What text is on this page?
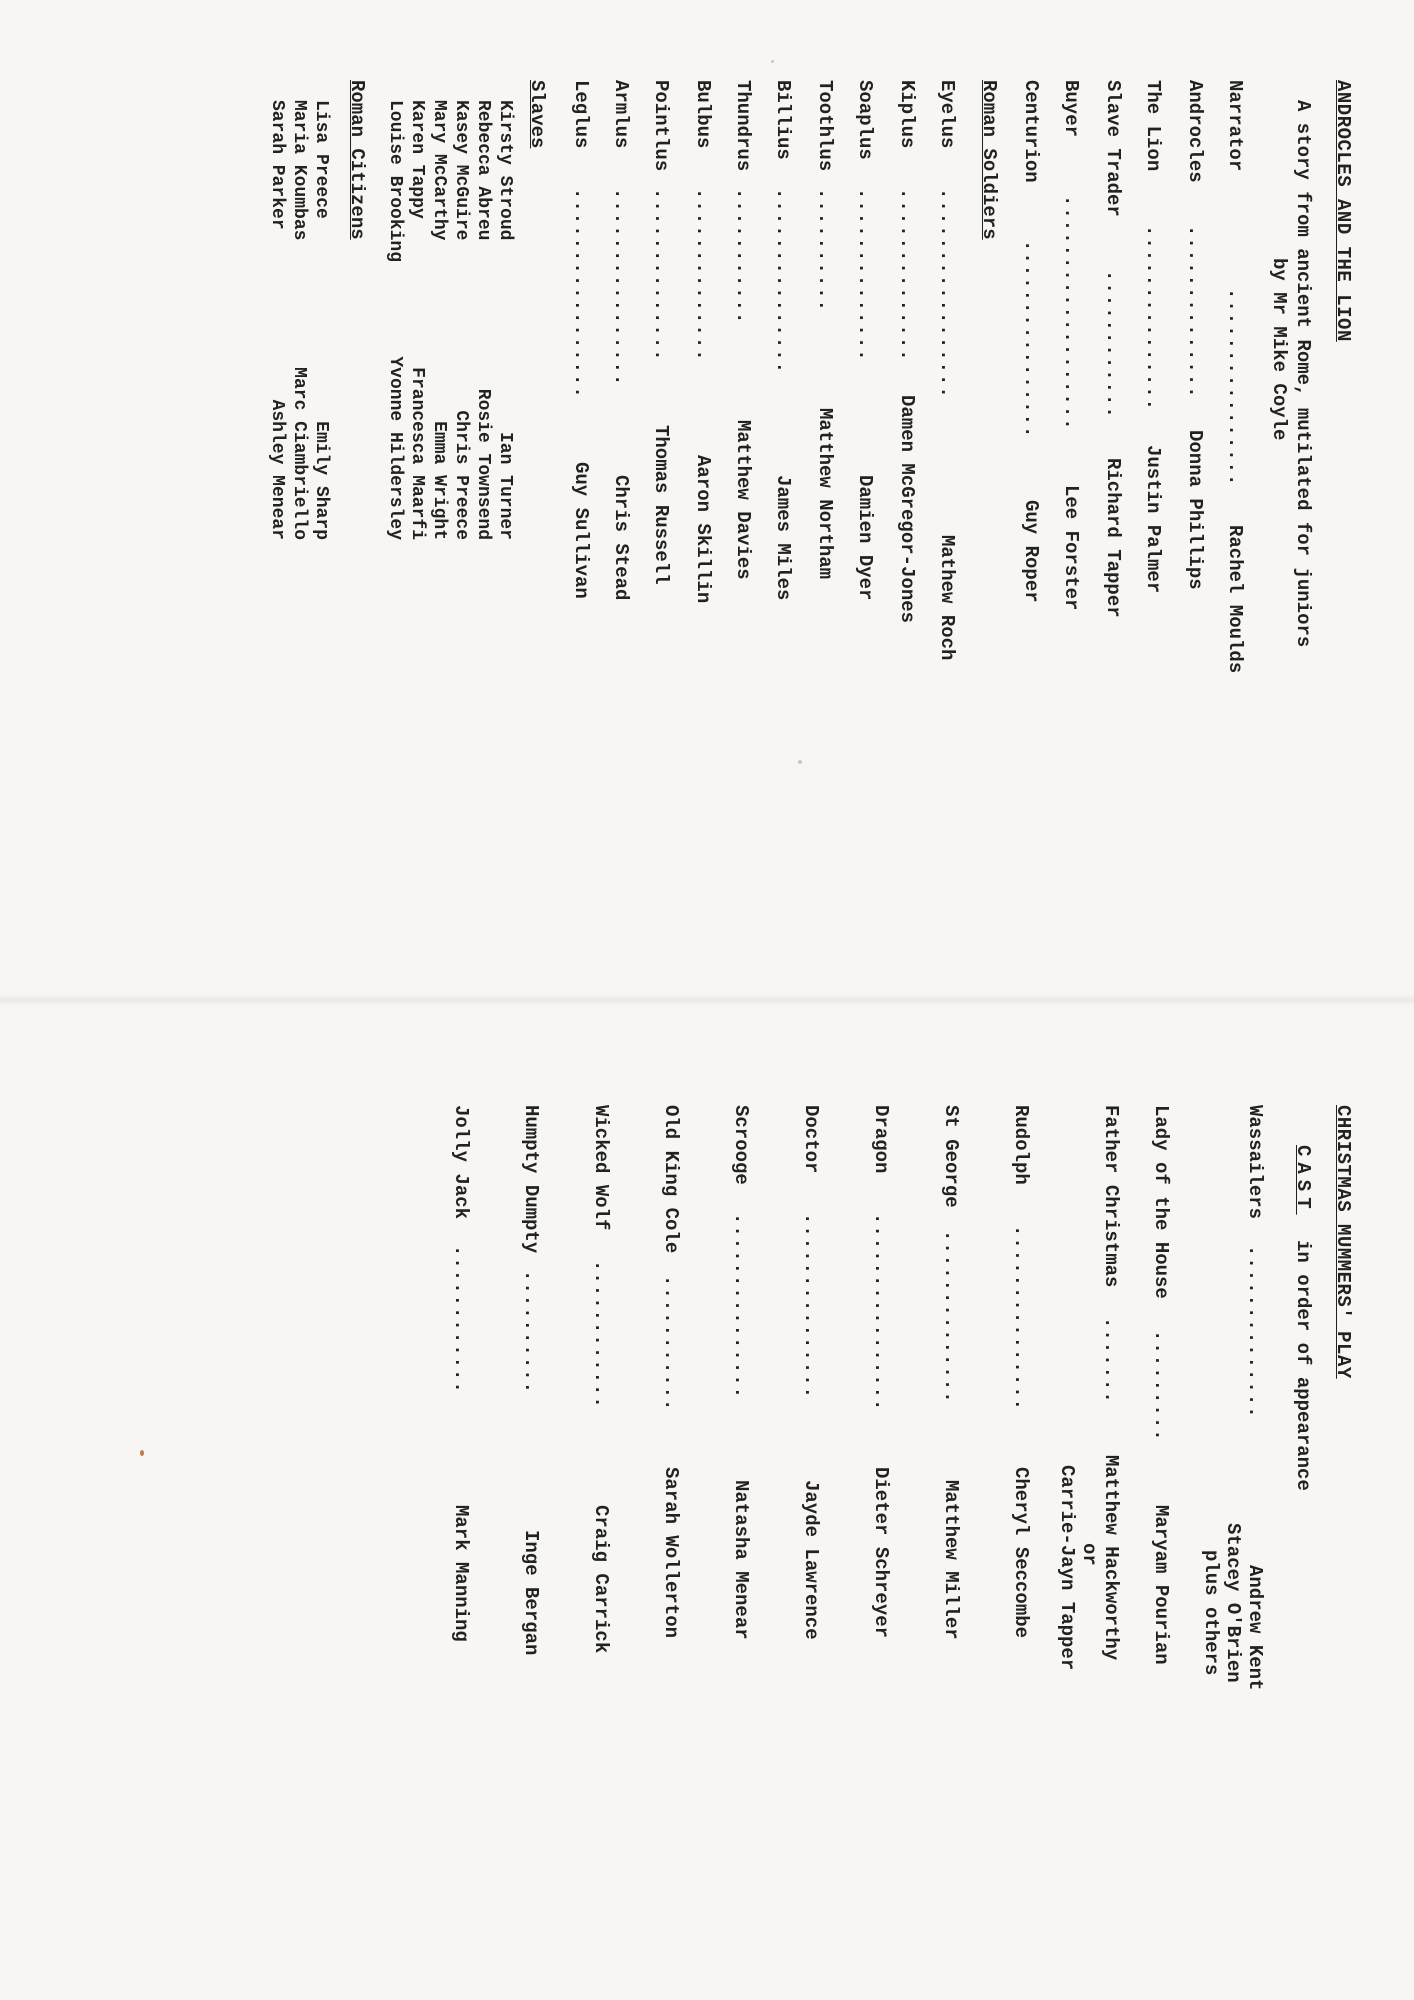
ANDROCLES AND THE LION
A story from ancient Rome, mutilated for juniors
by Mr Mike Coyle
Narrator
................
Rachel Moulds
Androcles
..............
Donna Phillips
The Lion
...............
Justin Palmer
Slave Trader
............
Richard Tapper
Buyer
...................
Lee Forster
Centurion
................
Guy Roper
Roman Soldiers
Eyelus
.................
Mathew Roch
Kiplus
..............
Damen McGregor-Jones
Soaplus
..............
Damien Dyer
Toothlus
..........
Matthew Northam
Billius
...............
James Miles
Thundrus
...........
Matthew Davies
Bulbus
..............
Aaron Skillin
Pointlus
..............
Thomas Russell
Armlus
................
Chris Stead
Leglus
.................
Guy Sullivan
Slaves
Kirsty Stroud
Rebecca Abreu
Kasey McGuire
Mary McCarthy
Karen Tappy
Louise Brooking
Ian Turner
Rosie Townsend
Chris Preece
Emma Wright
Francesca Maarfi
Yvonne Hildersley
Roman Citizens
Lisa Preece
Maria Koumbas
Sarah Parker
Emily Sharp
Marc Ciambriello
Ashley Menear
CHRISTMAS MUMMERS' PLAY
CAST in order of appearance
Wassailers
..............
Andrew Kent
Stacey O'Brien
plus others
Lady of the House
.........
Maryam Pourian
Father Christmas
.......
Matthew Hackworthy
or
Carrie-Jayn Tapper
Rudolph
...............
Cheryl Seccombe
St George
..............
Matthew Miller
Dragon
................
Dieter Schreyer
Doctor
...............
Jayde Lawrence
Scrooge
...............
Natasha Menear
Old King Cole
...........
Sarah Wollerton
Wicked Wolf
............
Craig Carrick
Humpty Dumpty
..........
Inge Bergan
Jolly Jack
............
Mark Manning
